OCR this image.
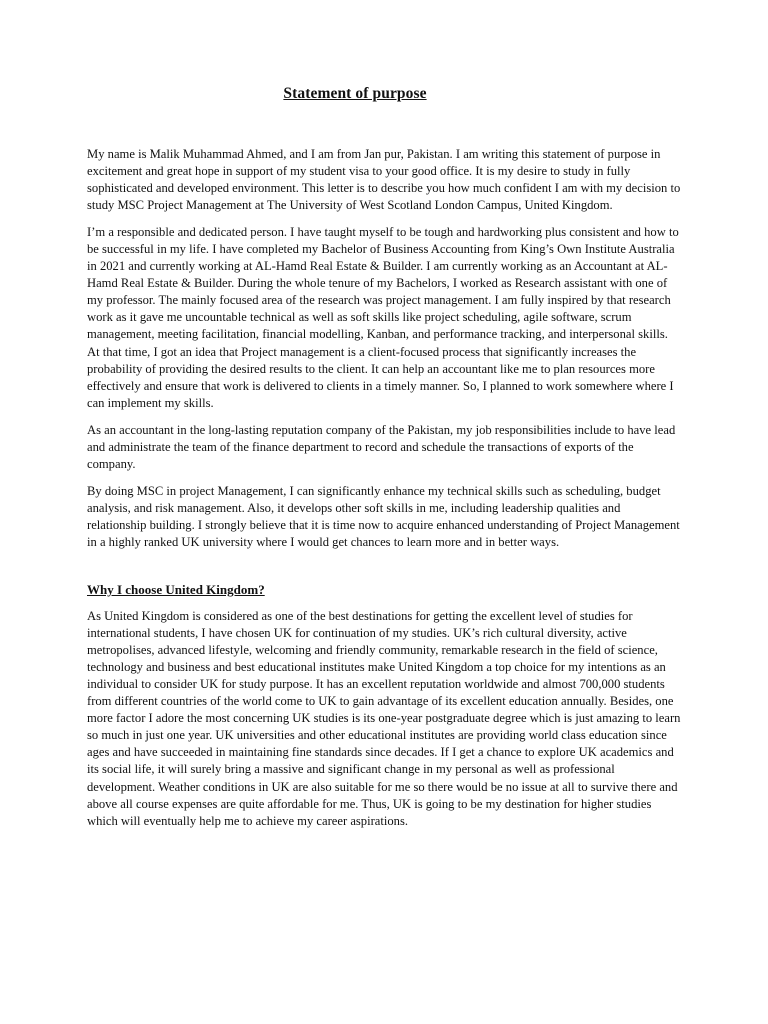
Statement of purpose

My name is Malik Muhammad Ahmed, and I am from Jan pur, Pakistan. I am writing this statement of purpose in excitement and great hope in support of my student visa to your good office. It is my desire to study in fully sophisticated and developed environment. This letter is to describe you how much confident I am with my decision to study MSC Project Management at The University of West Scotland London Campus, United Kingdom.

I’m a responsible and dedicated person. I have taught myself to be tough and hardworking plus consistent and how to be successful in my life. I have completed my Bachelor of Business Accounting from King’s Own Institute Australia in 2021 and currently working at AL-Hamd Real Estate & Builder. I am currently working as an Accountant at AL-Hamd Real Estate & Builder. During the whole tenure of my Bachelors, I worked as Research assistant with one of my professor. The mainly focused area of the research was project management. I am fully inspired by that research work as it gave me uncountable technical as well as soft skills like project scheduling, agile software, scrum management, meeting facilitation, financial modelling, Kanban, and performance tracking, and interpersonal skills. At that time, I got an idea that Project management is a client-focused process that significantly increases the probability of providing the desired results to the client. It can help an accountant like me to plan resources more effectively and ensure that work is delivered to clients in a timely manner. So, I planned to work somewhere where I can implement my skills.

As an accountant in the long-lasting reputation company of the Pakistan, my job responsibilities include to have lead and administrate the team of the finance department to record and schedule the transactions of exports of the company.

By doing MSC in project Management, I can significantly enhance my technical skills such as scheduling, budget analysis, and risk management. Also, it develops other soft skills in me, including leadership qualities and relationship building. I strongly believe that it is time now to acquire enhanced understanding of Project Management in a highly ranked UK university where I would get chances to learn more and in better ways.

Why I choose United Kingdom?

As United Kingdom is considered as one of the best destinations for getting the excellent level of studies for international students, I have chosen UK for continuation of my studies. UK’s rich cultural diversity, active metropolises, advanced lifestyle, welcoming and friendly community, remarkable research in the field of science, technology and business and best educational institutes make United Kingdom a top choice for my intentions as an individual to consider UK for study purpose. It has an excellent reputation worldwide and almost 700,000 students from different countries of the world come to UK to gain advantage of its excellent education annually. Besides, one more factor I adore the most concerning UK studies is its one-year postgraduate degree which is just amazing to learn so much in just one year. UK universities and other educational institutes are providing world class education since ages and have succeeded in maintaining fine standards since decades. If I get a chance to explore UK academics and its social life, it will surely bring a massive and significant change in my personal as well as professional development. Weather conditions in UK are also suitable for me so there would be no issue at all to survive there and above all course expenses are quite affordable for me. Thus, UK is going to be my destination for higher studies which will eventually help me to achieve my career aspirations.
